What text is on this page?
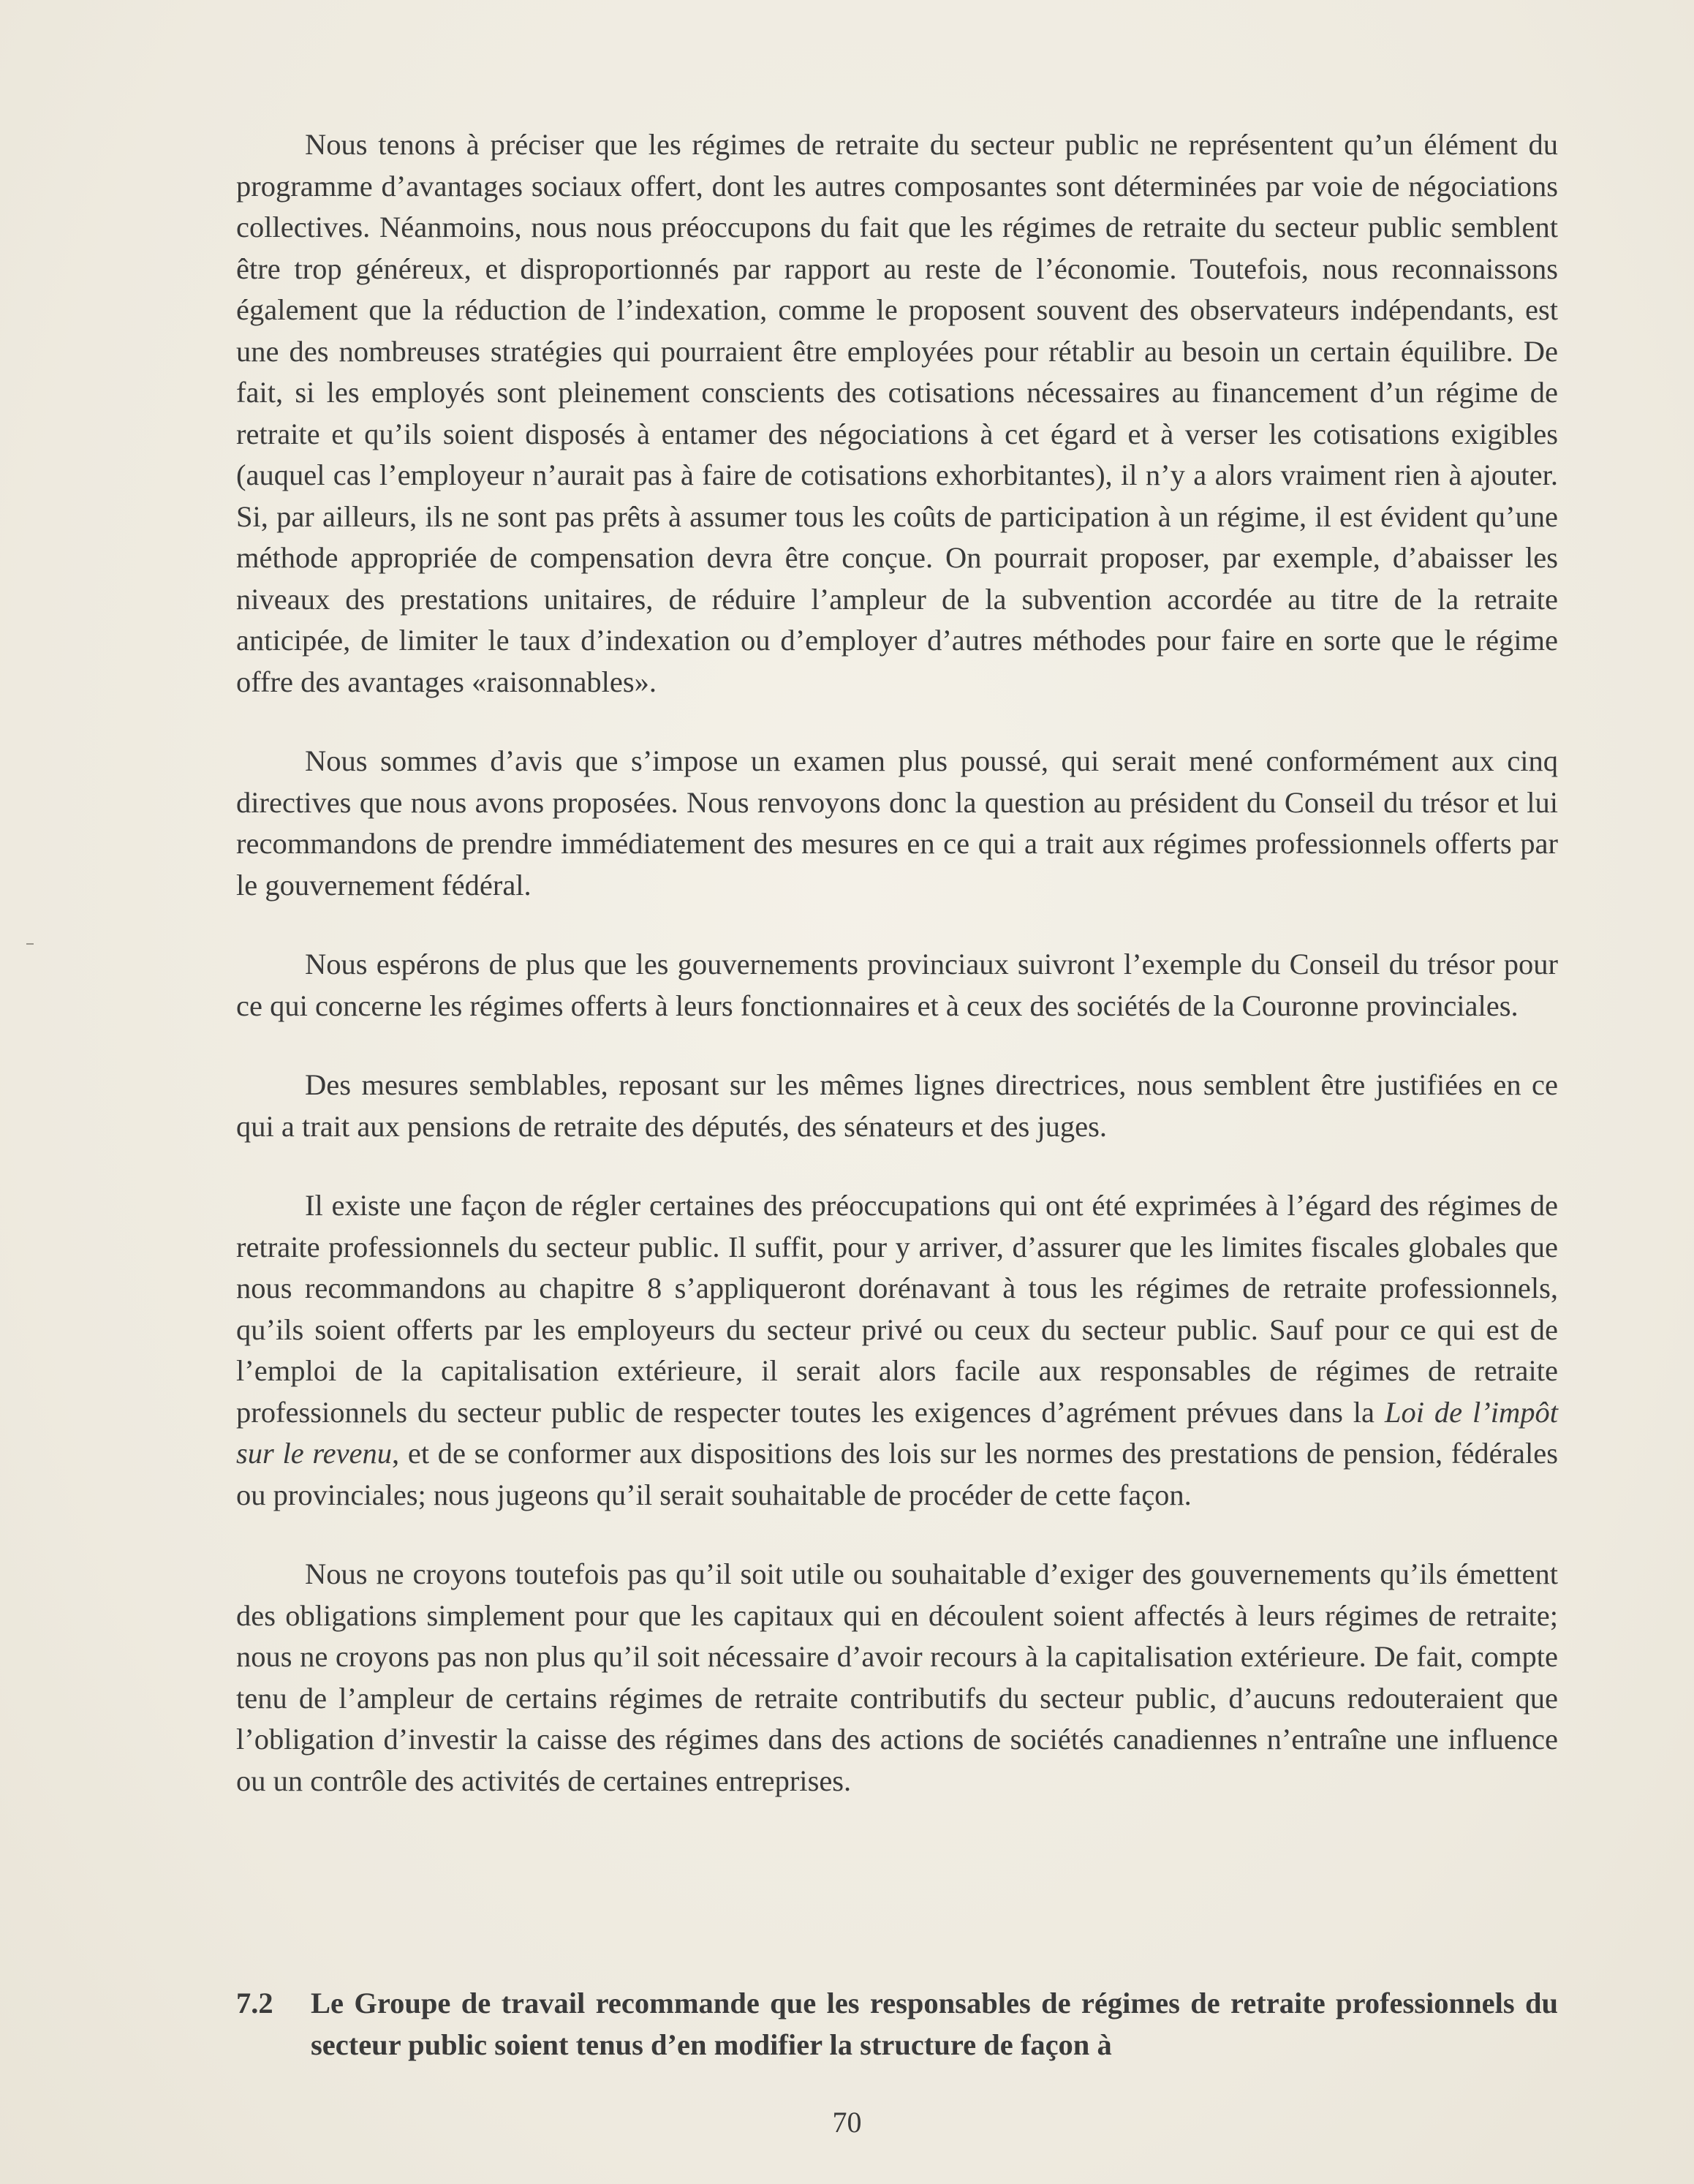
Nous tenons à préciser que les régimes de retraite du secteur public ne représentent qu’un élément du programme d’avantages sociaux offert, dont les autres composantes sont déterminées par voie de négociations collectives. Néanmoins, nous nous préoccupons du fait que les régimes de retraite du secteur public semblent être trop généreux, et disproportionnés par rapport au reste de l’économie. Toutefois, nous reconnaissons également que la réduction de l’indexation, comme le proposent souvent des observateurs indépendants, est une des nombreuses stratégies qui pourraient être employées pour rétablir au besoin un certain équilibre. De fait, si les employés sont pleinement conscients des cotisations nécessaires au financement d’un régime de retraite et qu’ils soient disposés à entamer des négociations à cet égard et à verser les cotisations exigibles (auquel cas l’employeur n’aurait pas à faire de cotisations exhorbitantes), il n’y a alors vraiment rien à ajouter. Si, par ailleurs, ils ne sont pas prêts à assumer tous les coûts de participation à un régime, il est évident qu’une méthode appropriée de compensation devra être conçue. On pourrait proposer, par exemple, d’abaisser les niveaux des prestations unitaires, de réduire l’ampleur de la subvention accordée au titre de la retraite anticipée, de limiter le taux d’indexation ou d’employer d’autres méthodes pour faire en sorte que le régime offre des avantages «raisonnables».

Nous sommes d’avis que s’impose un examen plus poussé, qui serait mené conformément aux cinq directives que nous avons proposées. Nous renvoyons donc la question au président du Conseil du trésor et lui recommandons de prendre immédiatement des mesures en ce qui a trait aux régimes professionnels offerts par le gouvernement fédéral.

Nous espérons de plus que les gouvernements provinciaux suivront l’exemple du Conseil du trésor pour ce qui concerne les régimes offerts à leurs fonctionnaires et à ceux des sociétés de la Couronne provinciales.

Des mesures semblables, reposant sur les mêmes lignes directrices, nous semblent être justifiées en ce qui a trait aux pensions de retraite des députés, des sénateurs et des juges.

Il existe une façon de régler certaines des préoccupations qui ont été exprimées à l’égard des régimes de retraite professionnels du secteur public. Il suffit, pour y arriver, d’assurer que les limites fiscales globales que nous recommandons au chapitre 8 s’appliqueront dorénavant à tous les régimes de retraite professionnels, qu’ils soient offerts par les employeurs du secteur privé ou ceux du secteur public. Sauf pour ce qui est de l’emploi de la capitalisation extérieure, il serait alors facile aux responsables de régimes de retraite professionnels du secteur public de respecter toutes les exigences d’agrément prévues dans la Loi de l’impôt sur le revenu, et de se conformer aux dispositions des lois sur les normes des prestations de pension, fédérales ou provinciales; nous jugeons qu’il serait souhaitable de procéder de cette façon.

Nous ne croyons toutefois pas qu’il soit utile ou souhaitable d’exiger des gouvernements qu’ils émettent des obligations simplement pour que les capitaux qui en découlent soient affectés à leurs régimes de retraite; nous ne croyons pas non plus qu’il soit nécessaire d’avoir recours à la capitalisation extérieure. De fait, compte tenu de l’ampleur de certains régimes de retraite contributifs du secteur public, d’aucuns redouteraient que l’obligation d’investir la caisse des régimes dans des actions de sociétés canadiennes n’entraîne une influence ou un contrôle des activités de certaines entreprises.

7.2	Le Groupe de travail recommande que les responsables de régimes de retraite professionnels du secteur public soient tenus d’en modifier la structure de façon à
70
